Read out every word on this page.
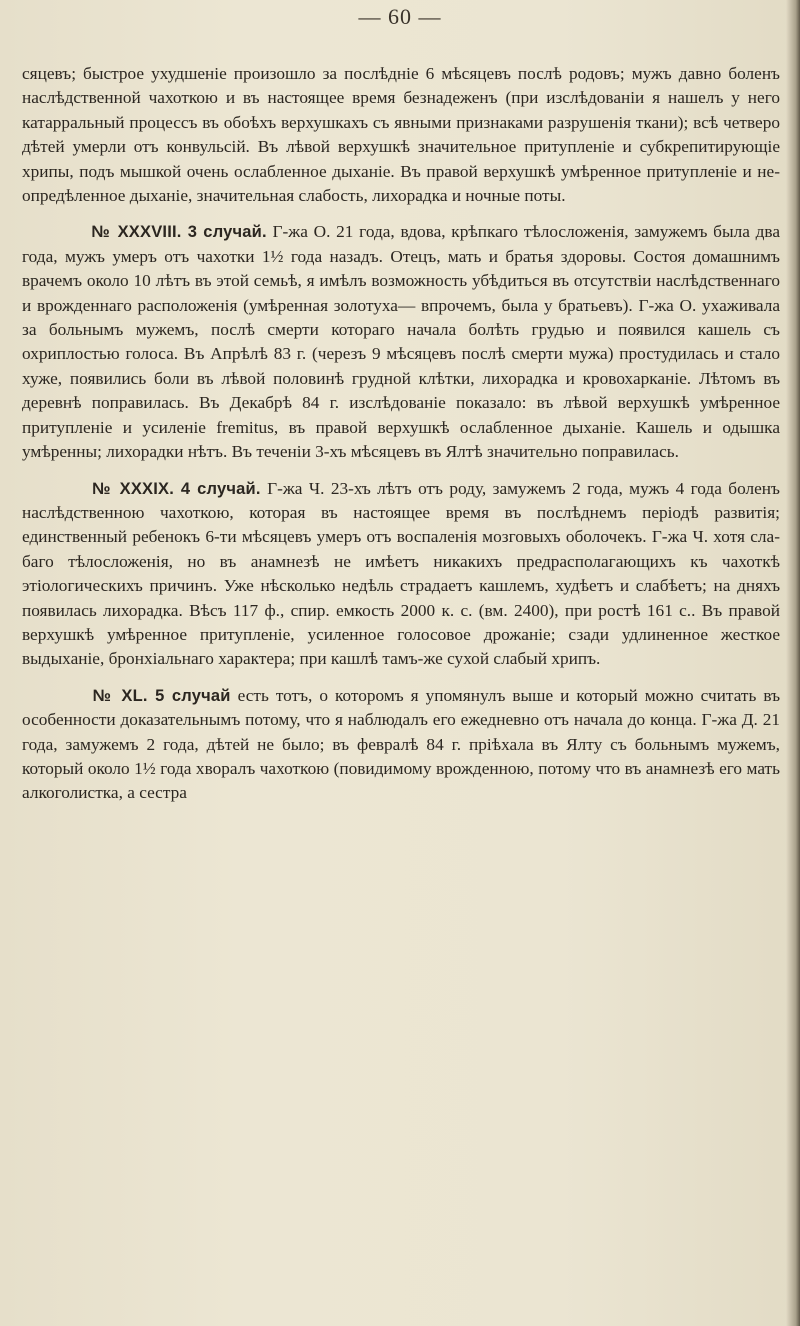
— 60 —

сяцевъ; быстрое ухудшеніе произошло за послѣдніе 6 мѣсяцевъ послѣ родовъ; мужъ давно боленъ наслѣдственной чахоткою и въ настоящее время безнадеженъ (при изслѣдованіи я нашелъ у него катарральный процессъ въ обоѣхъ верхушкахъ съ явными признаками разрушенія ткани); всѣ четверо дѣтей умерли отъ конвульсій. Въ лѣвой верхушкѣ значительное притупленіе и субкрепитирующіе хрипы, подъ мышкой очень ослабленное дыханіе. Въ правой верхушкѣ умѣренное притупленіе и неопредѣленное дыханіе, значительная слабость, лихорадка и ночные поты.

№ XXXVIII. 3 случай. Г-жа О. 21 года, вдова, крѣпкаго тѣлосложенія, замужемъ была два года, мужъ умеръ отъ чахотки 1½ года назадъ. Отецъ, мать и братья здоровы. Состоя домашнимъ врачемъ около 10 лѣтъ въ этой семьѣ, я имѣлъ возможность убѣдиться въ отсутствіи наслѣдственнаго и врожденнаго расположенія (умѣренная золотуха— впрочемъ, была у братьевъ). Г-жа О. ухаживала за больнымъ мужемъ, послѣ смерти котораго начала болѣть грудью и появился кашель съ охриплостью голоса. Въ Апрѣлѣ 83 г. (черезъ 9 мѣсяцевъ послѣ смерти мужа) простудилась и стало хуже, появились боли въ лѣвой половинѣ грудной клѣтки, лихорадка и кровохарканіе. Лѣтомъ въ деревнѣ поправилась. Въ Декабрѣ 84 г. изслѣдованіе показало: въ лѣвой верхушкѣ умѣренное притупленіе и усиленіе fremitus, въ правой верхушкѣ ослабленное дыханіе. Кашель и одышка умѣренны; лихорадки нѣтъ. Въ теченіи 3-хъ мѣсяцевъ въ Ялтѣ значительно поправилась.

№ XXXIX. 4 случай. Г-жа Ч. 23-хъ лѣтъ отъ роду, замужемъ 2 года, мужъ 4 года боленъ наслѣдственною чахоткою, которая въ настоящее время въ послѣднемъ періодѣ развитія; единственный ребенокъ 6-ти мѣсяцевъ умеръ отъ воспаленія мозговыхъ оболочекъ. Г-жа Ч. хотя слабаго тѣлосложенія, но въ анамнезѣ не имѣетъ никакихъ предрасполагающихъ къ чахоткѣ этіологическихъ причинъ. Уже нѣсколько недѣль страдаетъ кашлемъ, худѣетъ и слабѣетъ; на дняхъ появилась лихорадка. Вѣсъ 117 ф., спир. емкость 2000 к. с. (вм. 2400), при ростѣ 161 с.. Въ правой верхушкѣ умѣренное притупленіе, усиленное голосовое дрожаніе; сзади удлиненное жесткое выдыханіе, бронхіальнаго характера; при кашлѣ тамъ-же сухой слабый хрипъ.

№ XL. 5 случай есть тотъ, о которомъ я упомянулъ выше и который можно считать въ особенности доказательнымъ потому, что я наблюдалъ его ежедневно отъ начала до конца. Г-жа Д. 21 года, замужемъ 2 года, дѣтей не было; въ февралѣ 84 г. пріѣхала въ Ялту съ больнымъ мужемъ, который около 1½ года хворалъ чахоткою (повидимому врожденною, потому что въ анамнезѣ его мать алкоголистка, а сестра
